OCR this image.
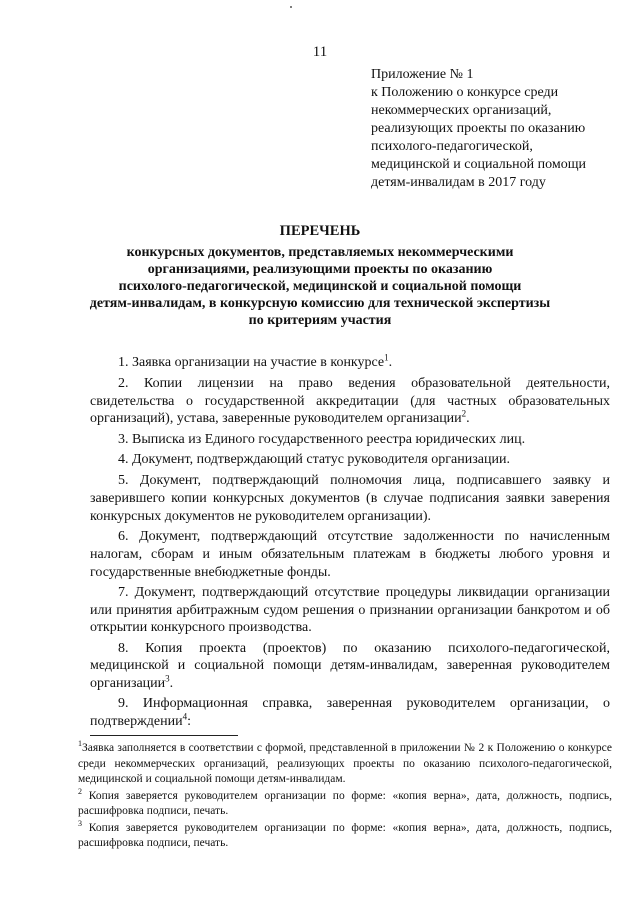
11
Приложение № 1
к Положению о конкурсе среди
некоммерческих организаций,
реализующих проекты по оказанию
психолого-педагогической,
медицинской и социальной помощи
детям-инвалидам в 2017 году
ПЕРЕЧЕНЬ
конкурсных документов, представляемых некоммерческими
организациями, реализующими проекты по оказанию
психолого-педагогической, медицинской и социальной помощи
детям-инвалидам, в конкурсную комиссию для технической экспертизы
по критериям участия

1. Заявка организации на участие в конкурсе$^1$.

2. Копии лицензии на право ведения образовательной деятельности, свидетельства о государственной аккредитации (для частных образовательных организаций), устава, заверенные руководителем организации$^2$.

3. Выписка из Единого государственного реестра юридических лиц.

4. Документ, подтверждающий статус руководителя организации.

5. Документ, подтверждающий полномочия лица, подписавшего заявку и заверившего копии конкурсных документов (в случае подписания заявки заверения конкурсных документов не руководителем организации).

6. Документ, подтверждающий отсутствие задолженности по начисленным налогам, сборам и иным обязательным платежам в бюджеты любого уровня и государственные внебюджетные фонды.

7. Документ, подтверждающий отсутствие процедуры ликвидации организации или принятия арбитражным судом решения о признании организации банкротом и об открытии конкурсного производства.

8. Копия проекта (проектов) по оказанию психолого-педагогической, медицинской и социальной помощи детям-инвалидам, заверенная руководителем организации$^3$.

9. Информационная справка, заверенная руководителем организации, о подтверждении$^4$:

$^1$Заявка заполняется в соответствии с формой, представленной в приложении № 2 к Положению о конкурсе среди некоммерческих организаций, реализующих проекты по оказанию психолого-педагогической, медицинской и социальной помощи детям-инвалидам.

$^2$ Копия заверяется руководителем организации по форме: «копия верна», дата, должность, подпись, расшифровка подписи, печать.

$^3$ Копия заверяется руководителем организации по форме: «копия верна», дата, должность, подпись, расшифровка подписи, печать.
